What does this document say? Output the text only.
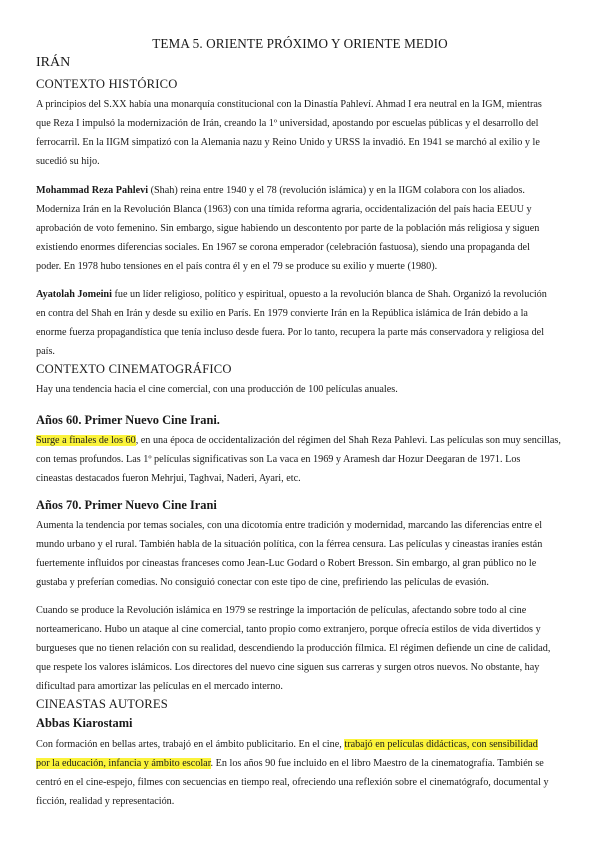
TEMA 5. ORIENTE PRÓXIMO Y ORIENTE MEDIO
IRÁN
CONTEXTO HISTÓRICO
A principios del S.XX había una monarquía constitucional con la Dinastía Pahleví. Ahmad I era neutral en la IGM, mientras
que Reza I impulsó la modernización de Irán, creando la 1º universidad, apostando por escuelas públicas y el desarrollo del
ferrocarril. En la IIGM simpatizó con la Alemania nazu y Reino Unido y URSS la invadió. En 1941 se marchó al exilio y le
sucedió su hijo.
Mohammad Reza Pahlevi (Shah) reina entre 1940 y el 78 (revolución islámica) y en la IIGM colabora con los aliados.
Moderniza Irán en la Revolución Blanca (1963) con una tímida reforma agraria, occidentalización del país hacia EEUU y
aprobación de voto femenino. Sin embargo, sigue habiendo un descontento por parte de la población más religiosa y siguen
existiendo enormes diferencias sociales. En 1967 se corona emperador (celebración fastuosa), siendo una propaganda del
poder. En 1978 hubo tensiones en el país contra él y en el 79 se produce su exilio y muerte (1980).
Ayatolah Jomeini fue un líder religioso, político y espiritual, opuesto a la revolución blanca de Shah. Organizó la revolución
en contra del Shah en Irán y desde su exilio en París. En 1979 convierte Irán en la República islámica de Irán debido a la
enorme fuerza propagandística que tenía incluso desde fuera. Por lo tanto, recupera la parte más conservadora y religiosa del
país.
CONTEXTO CINEMATOGRÁFICO
Hay una tendencia hacia el cine comercial, con una producción de 100 películas anuales.
Años 60. Primer Nuevo Cine Irani.
Surge a finales de los 60, en una época de occidentalización del régimen del Shah Reza Pahlevi. Las películas son muy sencillas,
con temas profundos. Las 1º películas significativas son La vaca en 1969 y Aramesh dar Hozur Deegaran de 1971. Los
cineastas destacados fueron Mehrjui, Taghvai, Naderi, Ayari, etc.
Años 70. Primer Nuevo Cine Irani
Aumenta la tendencia por temas sociales, con una dicotomía entre tradición y modernidad, marcando las diferencias entre el
mundo urbano y el rural. También habla de la situación política, con la férrea censura. Las películas y cineastas iraníes están
fuertemente influidos por cineastas franceses como Jean-Luc Godard o Robert Bresson. Sin embargo, al gran público no le
gustaba y preferían comedias. No consiguió conectar con este tipo de cine, prefiriendo las películas de evasión.
Cuando se produce la Revolución islámica en 1979 se restringe la importación de películas, afectando sobre todo al cine
norteamericano. Hubo un ataque al cine comercial, tanto propio como extranjero, porque ofrecía estilos de vida divertidos y
burgueses que no tienen relación con su realidad, descendiendo la producción fílmica. El régimen defiende un cine de calidad,
que respete los valores islámicos. Los directores del nuevo cine siguen sus carreras y surgen otros nuevos. No obstante, hay
dificultad para amortizar las películas en el mercado interno.
CINEASTAS AUTORES
Abbas Kiarostami
Con formación en bellas artes, trabajó en el ámbito publicitario. En el cine, trabajó en películas didácticas, con sensibilidad
por la educación, infancia y ámbito escolar. En los años 90 fue incluido en el libro Maestro de la cinematografía. También se
centró en el cine-espejo, filmes con secuencias en tiempo real, ofreciendo una reflexión sobre el cinematógrafo, documental y
ficción, realidad y representación.
